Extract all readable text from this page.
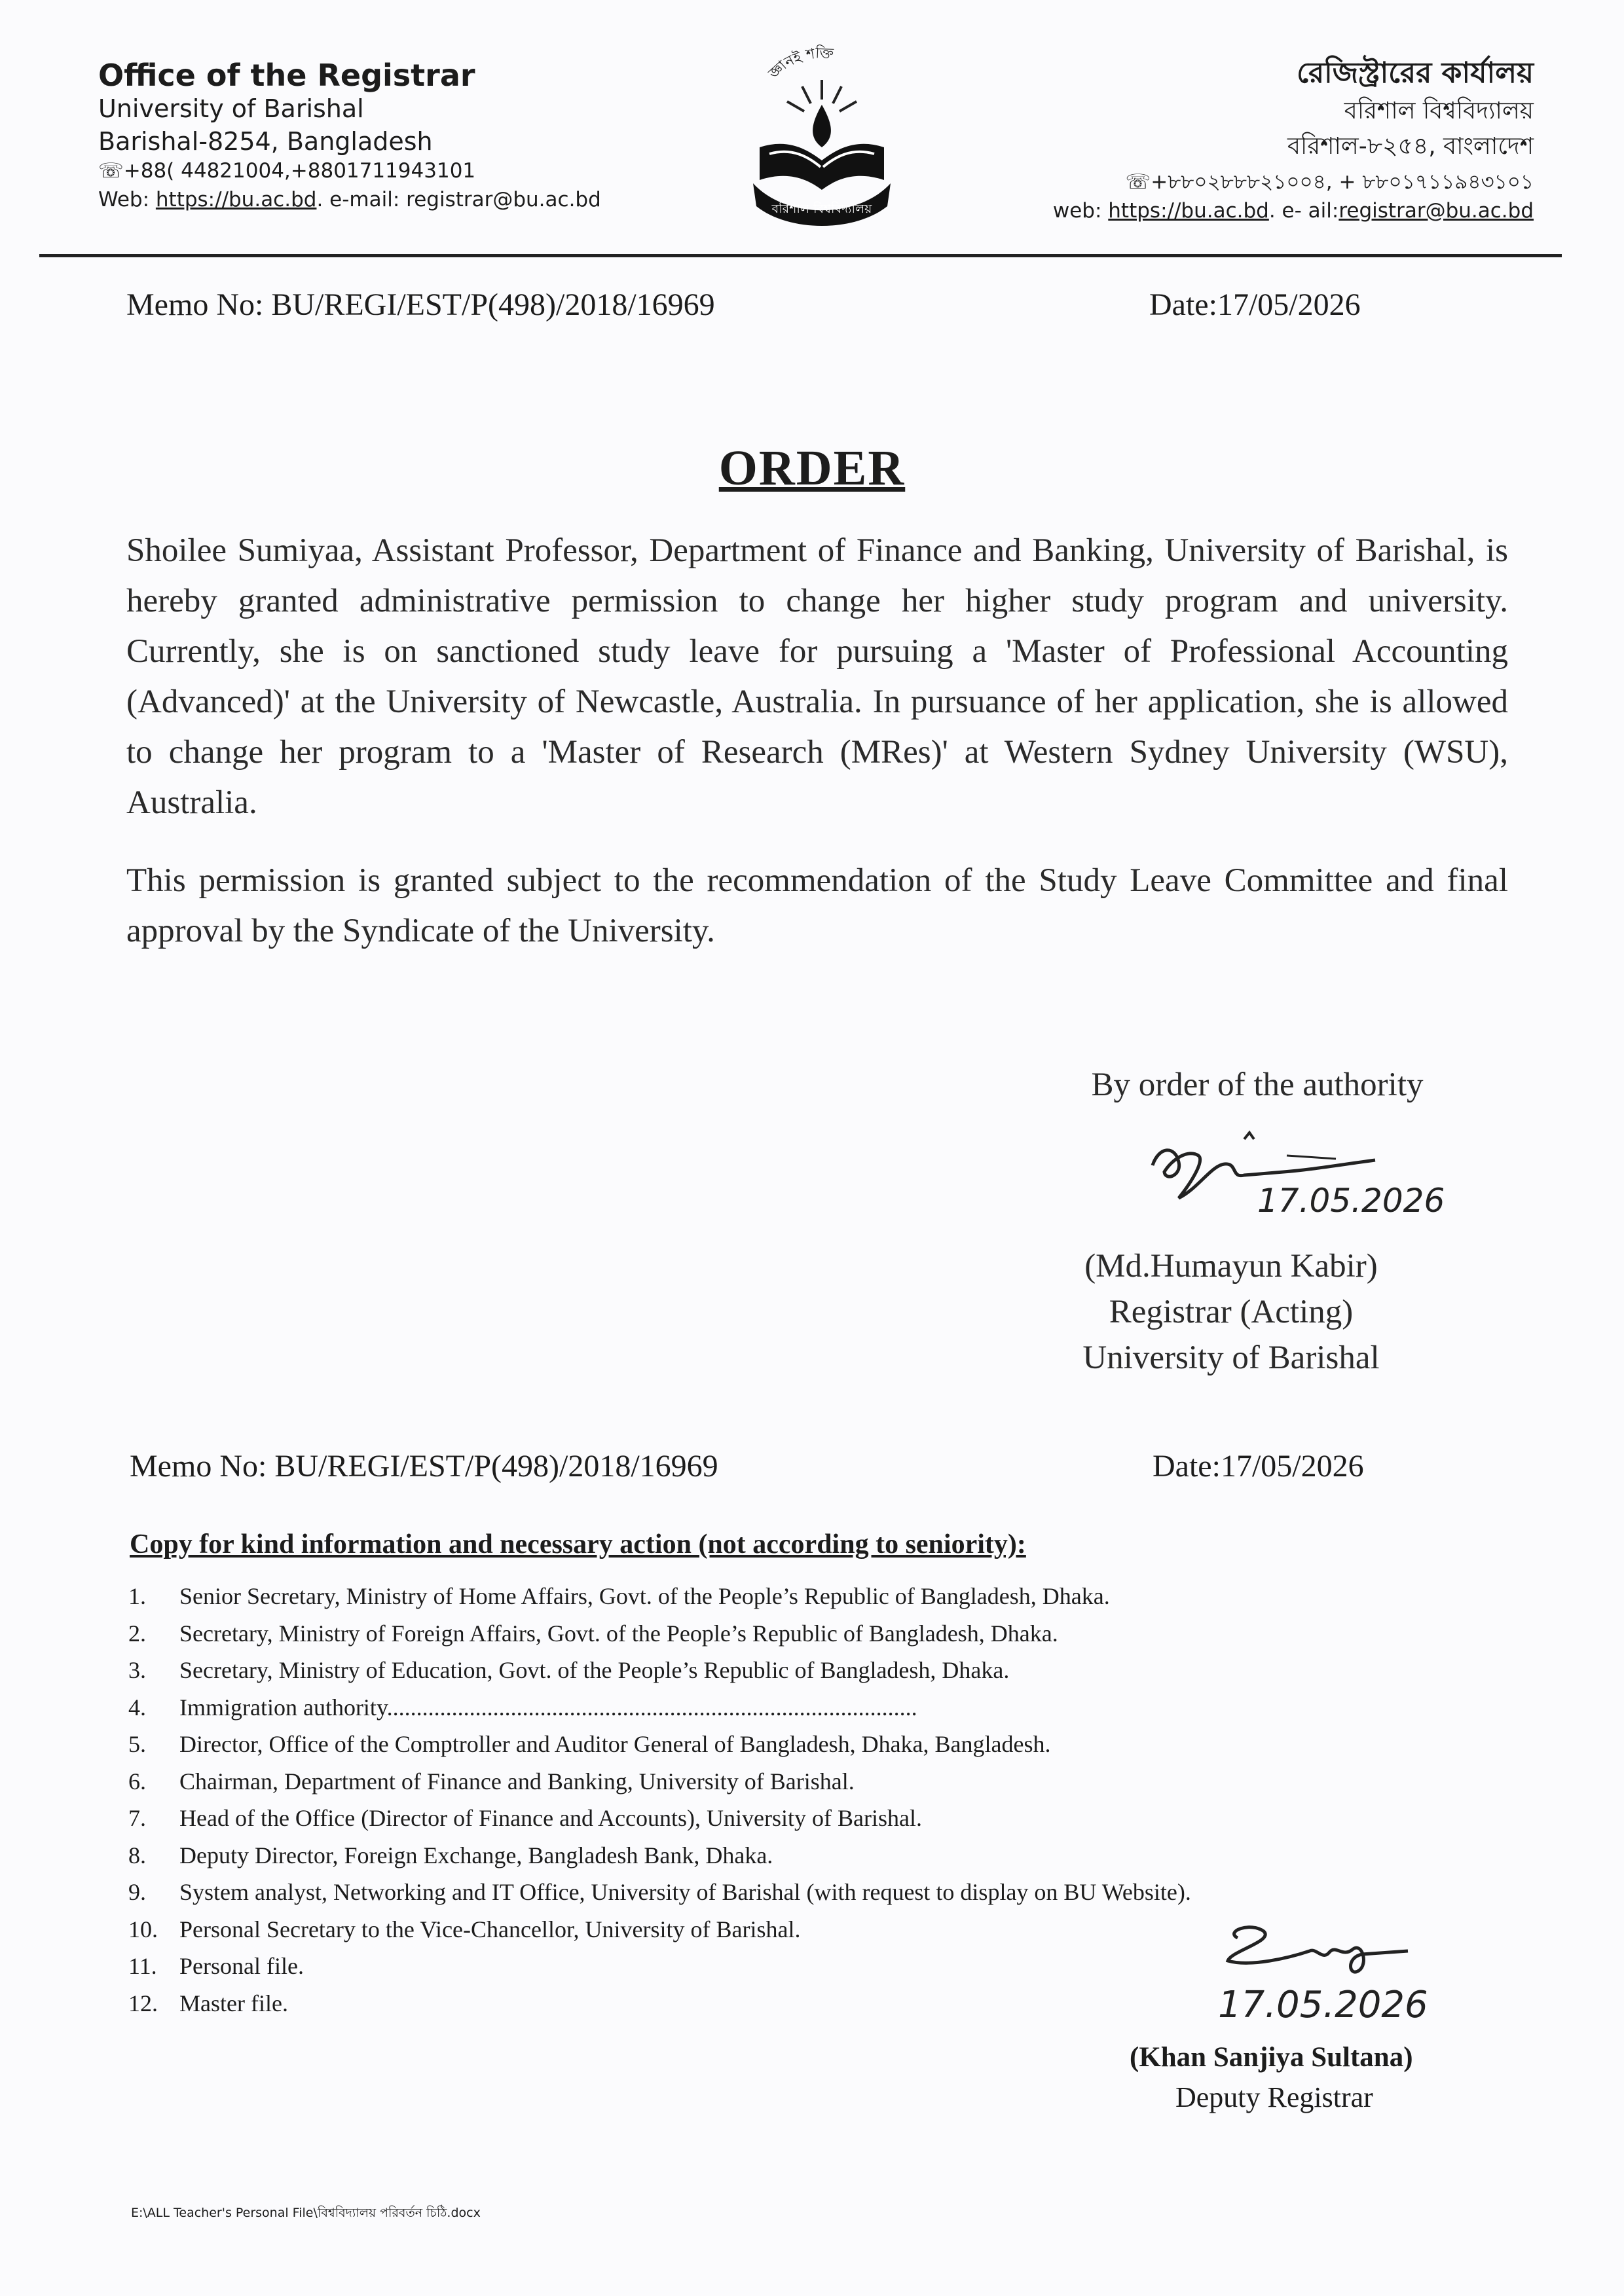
Office of the Registrar
University of Barishal
Barishal-8254, Bangladesh
☏+88( 44821004,+8801711943101
Web: https://bu.ac.bd. e-mail: registrar@bu.ac.bd
জ্ঞানই শক্তি
বরিশাল বিশ্ববিদ্যালয়
রেজিস্ট্রারের কার্যালয়
বরিশাল বিশ্ববিদ্যালয়
বরিশাল-৮২৫৪, বাংলাদেশ
☏+৮৮০২৮৮৮২১০০৪, + ৮৮০১৭১১৯৪৩১০১
web: https://bu.ac.bd. e- ail:registrar@bu.ac.bd
Memo No: BU/REGI/EST/P(498)/2018/16969	Date:17/05/2026
ORDER
Shoilee Sumiyaa, Assistant Professor, Department of Finance and Banking, University of Barishal, is hereby granted administrative permission to change her higher study program and university. Currently, she is on sanctioned study leave for pursuing a 'Master of Professional Accounting (Advanced)' at the University of Newcastle, Australia. In pursuance of her application, she is allowed to change her program to a 'Master of Research (MRes)' at Western Sydney University (WSU), Australia.
This permission is granted subject to the recommendation of the Study Leave Committee and final approval by the Syndicate of the University.
By order of the authority
17.05.2026
(Md.Humayun Kabir)
Registrar (Acting)
University of Barishal
Memo No: BU/REGI/EST/P(498)/2018/16969	Date:17/05/2026
Copy for kind information and necessary action (not according to seniority):
1.	Senior Secretary, Ministry of Home Affairs, Govt. of the People’s Republic of Bangladesh, Dhaka.
2.	Secretary, Ministry of Foreign Affairs, Govt. of the People’s Republic of Bangladesh, Dhaka.
3.	Secretary, Ministry of Education, Govt. of the People’s Republic of Bangladesh, Dhaka.
4.	Immigration authority..........................................................................................
5.	Director, Office of the Comptroller and Auditor General of Bangladesh, Dhaka, Bangladesh.
6.	Chairman, Department of Finance and Banking, University of Barishal.
7.	Head of the Office (Director of Finance and Accounts), University of Barishal.
8.	Deputy Director, Foreign Exchange, Bangladesh Bank, Dhaka.
9.	System analyst, Networking and IT Office, University of Barishal (with request to display on BU Website).
10. Personal Secretary to the Vice-Chancellor, University of Barishal.
11. Personal file.
12. Master file.	17.05.2026
(Khan Sanjiya Sultana)
Deputy Registrar
E:\ALL Teacher's Personal File\বিশ্ববিদ্যালয় পরিবর্তন চিঠি.docx
